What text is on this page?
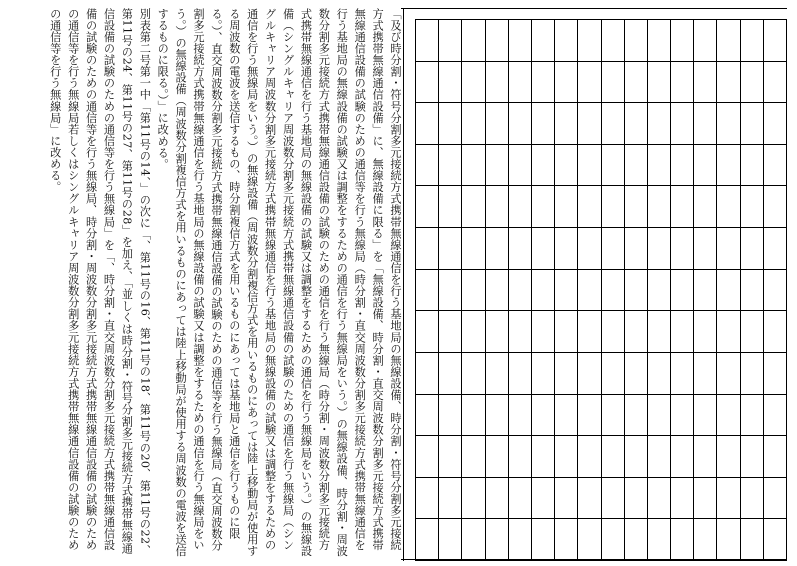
「及び時分割・符号分割多元接続方式携帯無線通信を行う基地局の無線設備、時分割・符号分割多元接続方式携帯無線通信設備」に、無線設備に限る」を「無線設備、時分割・直交周波数分割多元接続方式携帯無線通信設備の試験のための通信等を行う無線局（時分割・直交周波数分割多元接続方式携帯無線通信を行う基地局の無線設備の試験又は調整をするための通信を行う無線局をいう。）の無線設備、時分割・周波数分割多元接続方式携帯無線通信設備の試験のための通信を行う無線局（時分割・周波数分割多元接続方式携帯無線通信を行う基地局の無線設備の試験又は調整をするための通信を行う無線局をいう。）の無線設備（シングルキャリア周波数分割多元接続方式携帯無線通信設備の試験のための通信を行う無線局（シングルキャリア周波数分割多元接続方式携帯無線通信を行う基地局の無線設備の試験又は調整をするための通信を行う無線局をいう。）の無線設備（周波数分割複信方式を用いるものにあっては陸上移動局が使用する周波数の電波を送信するもの、時分割複信方式を用いるものにあっては基地局と通信を行うものに限る。）、直交周波数分割多元接続方式携帯無線通信設備の試験のための通信等を行う無線局（直交周波数分割多元接続方式携帯無線通信を行う基地局の無線設備の試験又は調整をするための通信を行う無線局をいう。）の無線設備（周波数分割複信方式を用いるものにあっては陸上移動局が使用する周波数の電波を送信するものに限る。）」に改める。

別表第二号第一中「第11号の14、」の次に「、第11号の16、第11号の18、第11号の20、第11号の22、第11号の24、第11号の27、第11号の28」を加え、「並しくは時分割・符号分割多元接続方式携帯無線通信設備の試験のための通信等を行う無線局」を「、時分割・直交周波数分割多元接続方式携帯無線通信設備の試験のための通信等を行う無線局、時分割・周波数分割多元接続方式携帯無線通信設備の試験のための通信等を行う無線局若しくはシングルキャリア周波数分割多元接続方式携帯無線通信設備の試験のための通信等を行う無線局」に改める。
